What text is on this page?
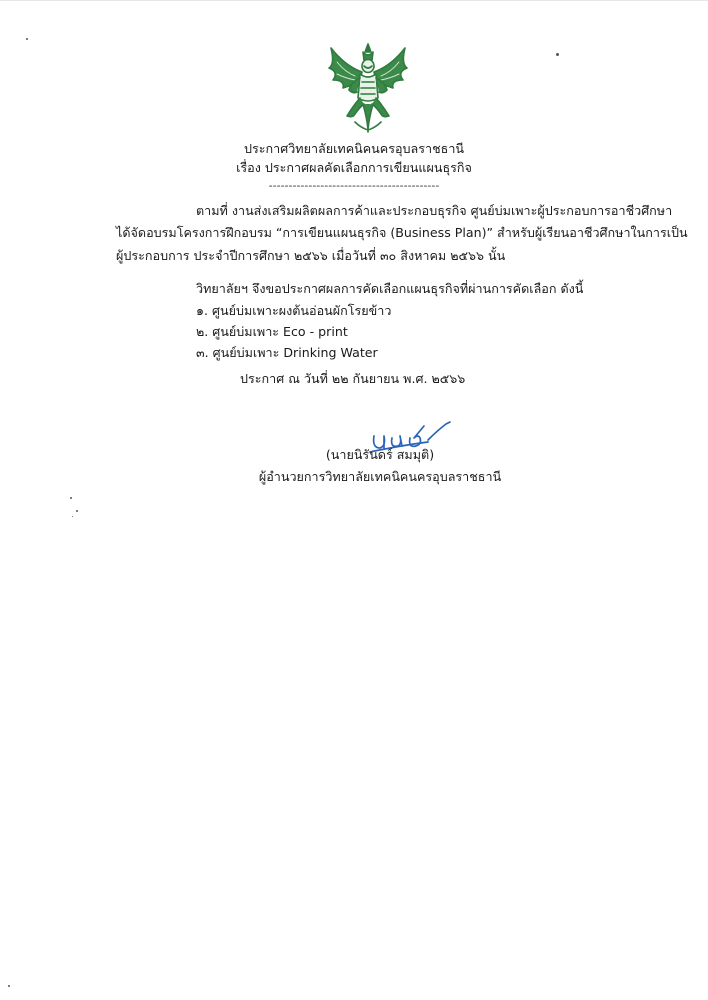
ประกาศวิทยาลัยเทคนิคนครอุบลราชธานี
เรื่อง ประกาศผลคัดเลือกการเขียนแผนธุรกิจ
-------------------------------------------
ตามที่ งานส่งเสริมผลิตผลการค้าและประกอบธุรกิจ ศูนย์บ่มเพาะผู้ประกอบการอาชีวศึกษา
ได้จัดอบรมโครงการฝึกอบรม “การเขียนแผนธุรกิจ (Business Plan)” สำหรับผู้เรียนอาชีวศึกษาในการเป็น
ผู้ประกอบการ ประจำปีการศึกษา ๒๕๖๖ เมื่อวันที่ ๓๐ สิงหาคม ๒๕๖๖ นั้น
วิทยาลัยฯ จึงขอประกาศผลการคัดเลือกแผนธุรกิจที่ผ่านการคัดเลือก ดังนี้
๑. ศูนย์บ่มเพาะผงต้นอ่อนผักโรยข้าว
๒. ศูนย์บ่มเพาะ Eco - print
๓. ศูนย์บ่มเพาะ Drinking Water
ประกาศ ณ วันที่ ๒๒ กันยายน พ.ศ. ๒๕๖๖
(นายนิรันดร์ สมมุติ)
ผู้อำนวยการวิทยาลัยเทคนิคนครอุบลราชธานี
